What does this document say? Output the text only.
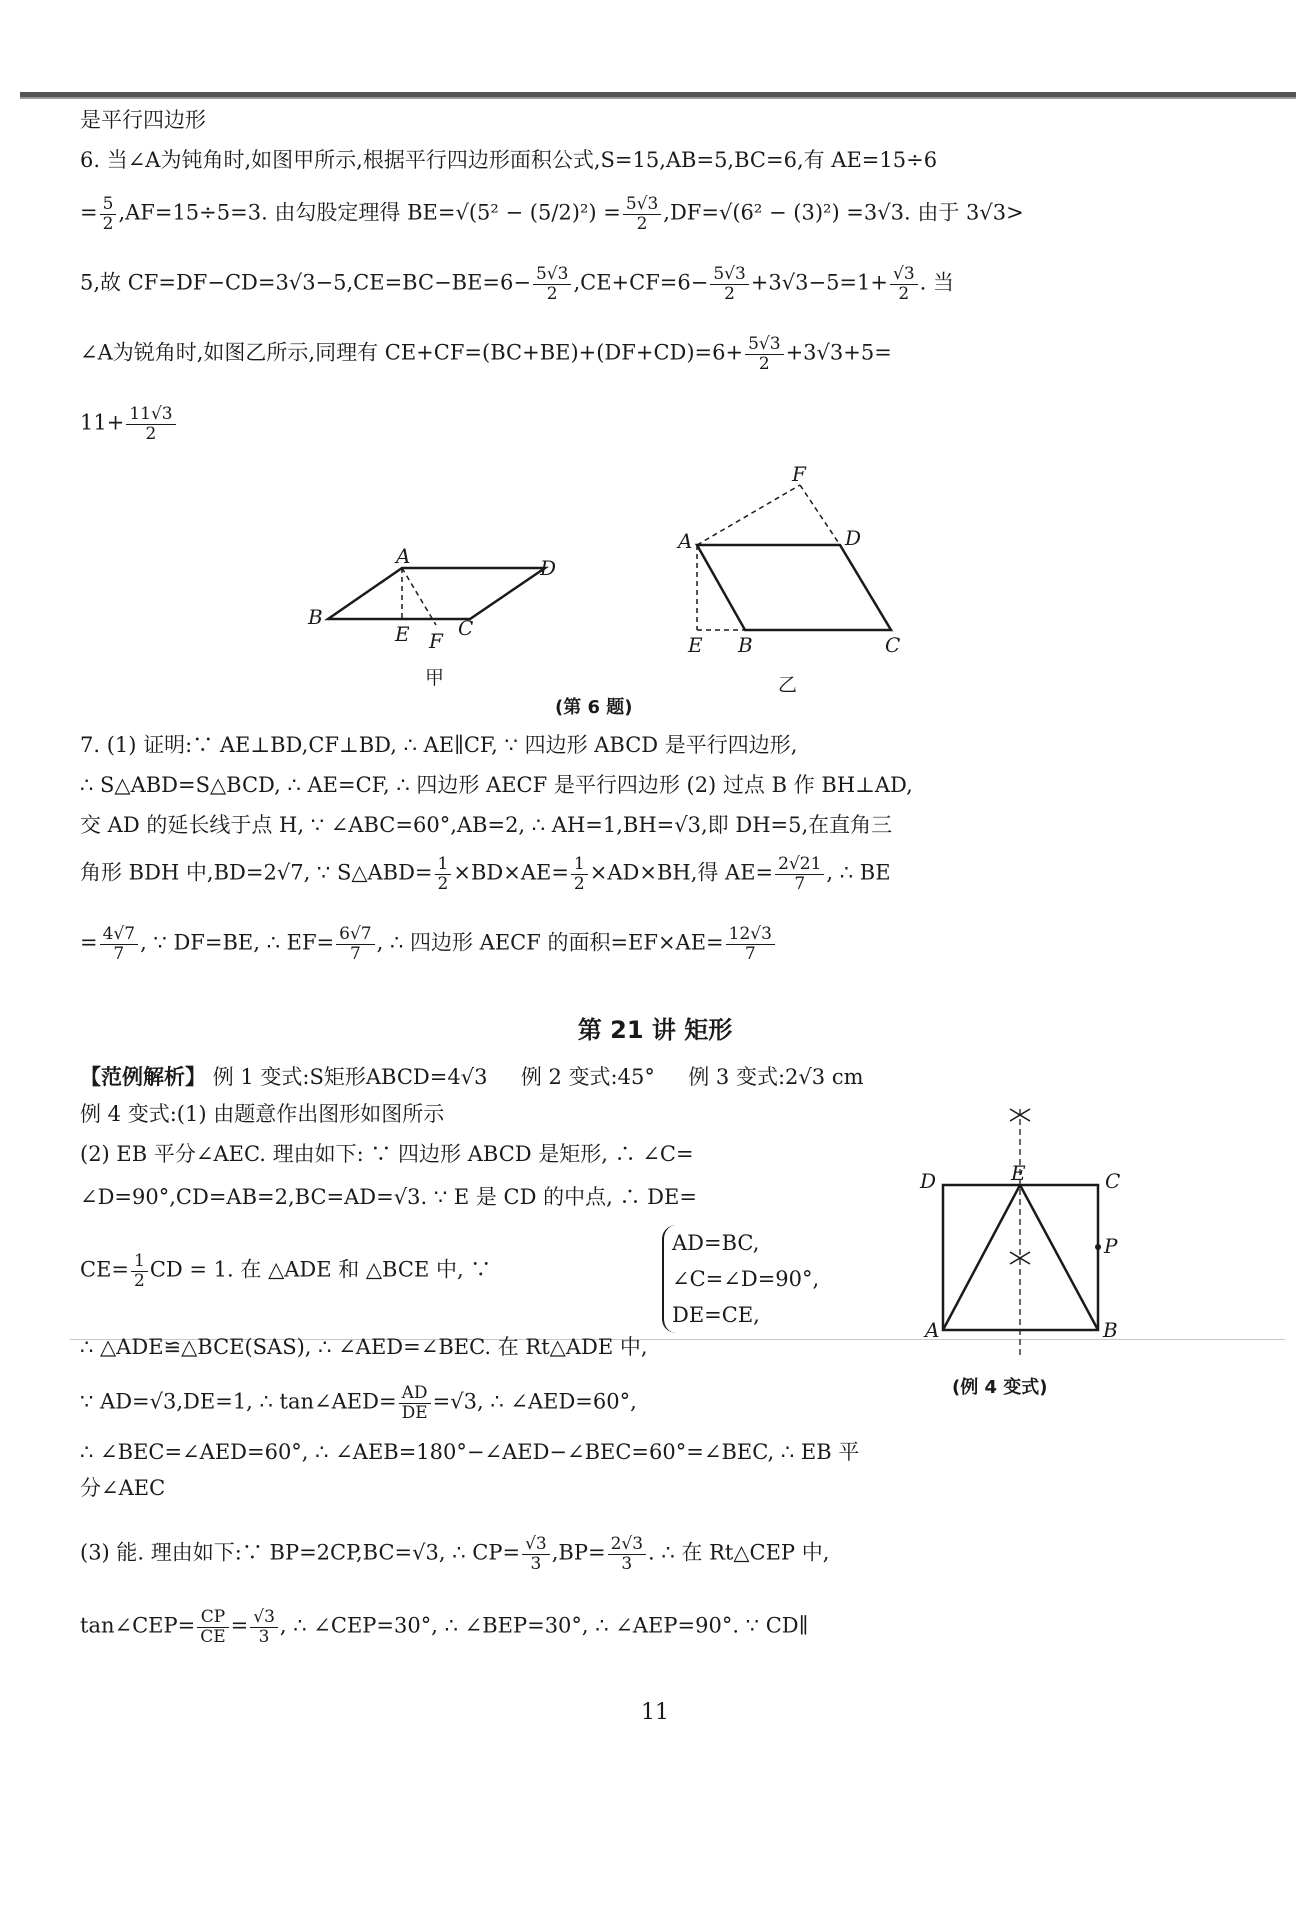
是平行四边形
6. 当∠A为钝角时,如图甲所示,根据平行四边形面积公式,S=15,AB=5,BC=6,有 AE=15÷6
= $\frac{5}{2} ,AF=15\div 5=3$. 由勾股定理得 $BE=√(5^2 - (5/2)^2) = \frac{5√3}{2} ,DF=√(6^2 - (3)^2) =3√3$. 由于 3√3>
5,故 $CF=DF-CD=3√3-5,CE=BC-BE=6- \frac{5√3}{2} ,CE+CF=6- \frac{5√3}{2} +3√3-5=1+ \frac{√3}{2}$ . 当
∠A为锐角时,如图乙所示,同理有 $CE+CF=(BC+BE)+(DF+CD)=6+ \frac{5√3}{2} +3√3+5=$
$11+ \frac{11√3}{2}$
A
B	C
D
E F
甲
A
B	C
D
E
F
乙
(第 6 题)
7. (1) 证明:∵ AE⊥BD,CF⊥BD, ∴ AE∥CF, ∵ 四边形 ABCD 是平行四边形,
∴ S△ABD=S△BCD, ∴ AE=CF, ∴ 四边形 AECF 是平行四边形 (2) 过点 B 作 BH⊥AD,
交 AD 的延长线于点 H, ∵ ∠ABC=60°,AB=2, ∴ AH=1,BH=√3,即 DH=5,在直角三
角形 BDH 中,BD=2√7, ∵ S△ABD= $\frac{1}{2} \times BD\times AE= \frac{1}{2} \times AD\times BH$,得 $AE= \frac{2√21}{7}$ , ∴ BE
= $\frac{4√7}{7}$ , ∵ DF=BE, ∴ $EF= \frac{6√7}{7}$ , ∴ 四边形 AECF 的面积$=EF\times AE= \frac{12√3}{7}$
第 21 讲 矩形
【范例解析】 例 1 变式:S矩形ABCD=4√3 例 2 变式:45° 例 3 变式:2√3 cm
例 4 变式:(1) 由题意作出图形如图所示
(2) EB 平分∠AEC. 理由如下: ∵ 四边形 ABCD 是矩形, ∴ ∠C=
∠D=90°,CD=AB=2,BC=AD=√3. ∵ E 是 CD 的中点, ∴ DE=
$CE= \frac{1}{2}$ CD = 1. 在 △ADE 和 △BCE 中, ∵
AD=BC,
∠C=∠D=90°,
DE=CE,
∴ △ADE≌△BCE(SAS), ∴ ∠AED=∠BEC. 在 Rt△ADE 中,
∵ AD=√3,DE=1, ∴ tan∠AED= $\frac{AD}{DE} =√3$, ∴ ∠AED=60°,
∴ ∠BEC=∠AED=60°, ∴ ∠AEB=180°−∠AED−∠BEC=60°=∠BEC, ∴ EB 平
分∠AEC
(3) 能. 理由如下:∵ BP=2CP,BC=√3, ∴ $CP= \frac{√3}{3} ,BP= \frac{2√3}{3}$ . ∴ 在 Rt△CEP 中,
tan∠CEP= $\frac{CP}{CE} = \frac{√3}{3}$ , ∴ ∠CEP=30°, ∴ ∠BEP=30°, ∴ ∠AEP=90°. ∵ CD∥
D	E	C
P
A	B
(例 4 变式)
11
